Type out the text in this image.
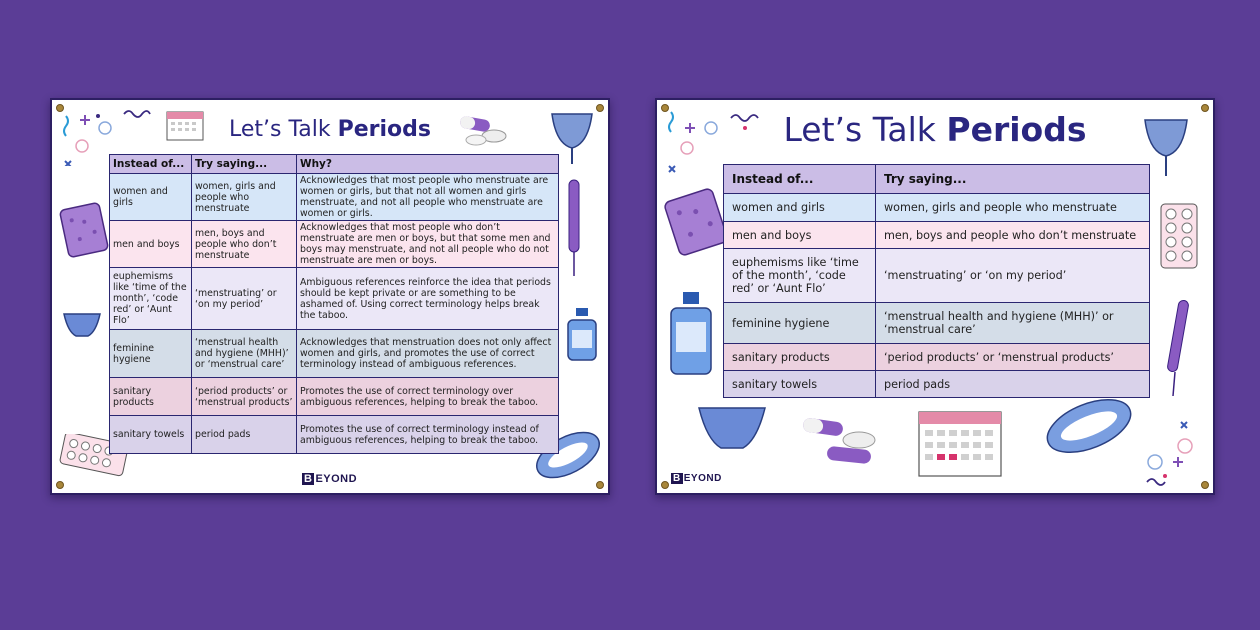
Let’s Talk Periods
Instead of...	Try saying...	Why?
women and girls	women, girls and people who menstruate	Acknowledges that most people who menstruate are women or girls, but that not all women and girls menstruate, and not all people who menstruate are women or girls.
men and boys	men, boys and people who don’t menstruate	Acknowledges that most people who don’t menstruate are men or boys, but that some men and boys may menstruate, and not all people who do not menstruate are men or boys.
euphemisms like ‘time of the month’, ‘code red’ or ‘Aunt Flo’	‘menstruating’ or ‘on my period’	Ambiguous references reinforce the idea that periods should be kept private or are something to be ashamed of. Using correct terminology helps break the taboo.
feminine hygiene	‘menstrual health and hygiene (MHH)’ or ‘menstrual care’	Acknowledges that menstruation does not only affect women and girls, and promotes the use of correct terminology instead of ambiguous references.
sanitary products	‘period products’ or ‘menstrual products’	Promotes the use of correct terminology over ambiguous references, helping to break the taboo.
sanitary towels	period pads	Promotes the use of correct terminology instead of ambiguous references, helping to break the taboo.
B EYOND
Let’s Talk Periods
Instead of...	Try saying...
women and girls	women, girls and people who menstruate
men and boys	men, boys and people who don’t menstruate
euphemisms like ‘time of the month’, ‘code red’ or ‘Aunt Flo’	‘menstruating’ or ‘on my period’
feminine hygiene	‘menstrual health and hygiene (MHH)’ or ‘menstrual care’
sanitary products	‘period products’ or ‘menstrual products’
sanitary towels	period pads
B EYOND
